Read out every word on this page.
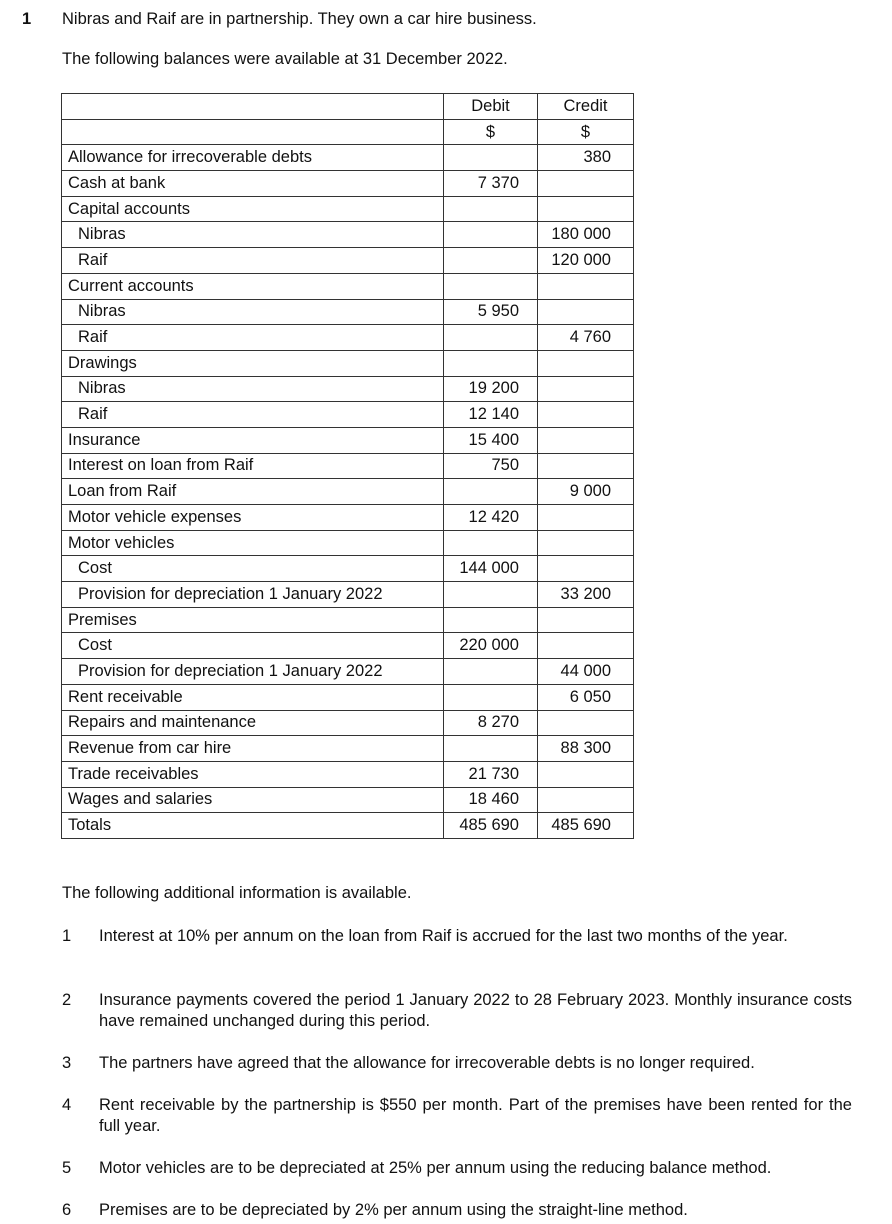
1 Nibras and Raif are in partnership. They own a car hire business.
The following balances were available at 31 December 2022.
	Debit	Credit
	$	$
Allowance for irrecoverable debts		380
Cash at bank	7 370	
Capital accounts		
Nibras		180 000
Raif		120 000
Current accounts		
Nibras	5 950	
Raif		4 760
Drawings		
Nibras	19 200	
Raif	12 140	
Insurance	15 400	
Interest on loan from Raif	750	
Loan from Raif		9 000
Motor vehicle expenses	12 420	
Motor vehicles		
Cost	144 000	
Provision for depreciation 1 January 2022		33 200
Premises		
Cost	220 000	
Provision for depreciation 1 January 2022		44 000
Rent receivable		6 050
Repairs and maintenance	8 270	
Revenue from car hire		88 300
Trade receivables	21 730	
Wages and salaries	18 460	
Totals	485 690	485 690
The following additional information is available.
1	Interest at 10% per annum on the loan from Raif is accrued for the last two months of the year.
2	Insurance payments covered the period 1 January 2022 to 28 February 2023. Monthly insurance costs have remained unchanged during this period.
3	The partners have agreed that the allowance for irrecoverable debts is no longer required.
4	Rent receivable by the partnership is $550 per month. Part of the premises have been rented for the full year.
5	Motor vehicles are to be depreciated at 25% per annum using the reducing balance method.
6	Premises are to be depreciated by 2% per annum using the straight-line method.
